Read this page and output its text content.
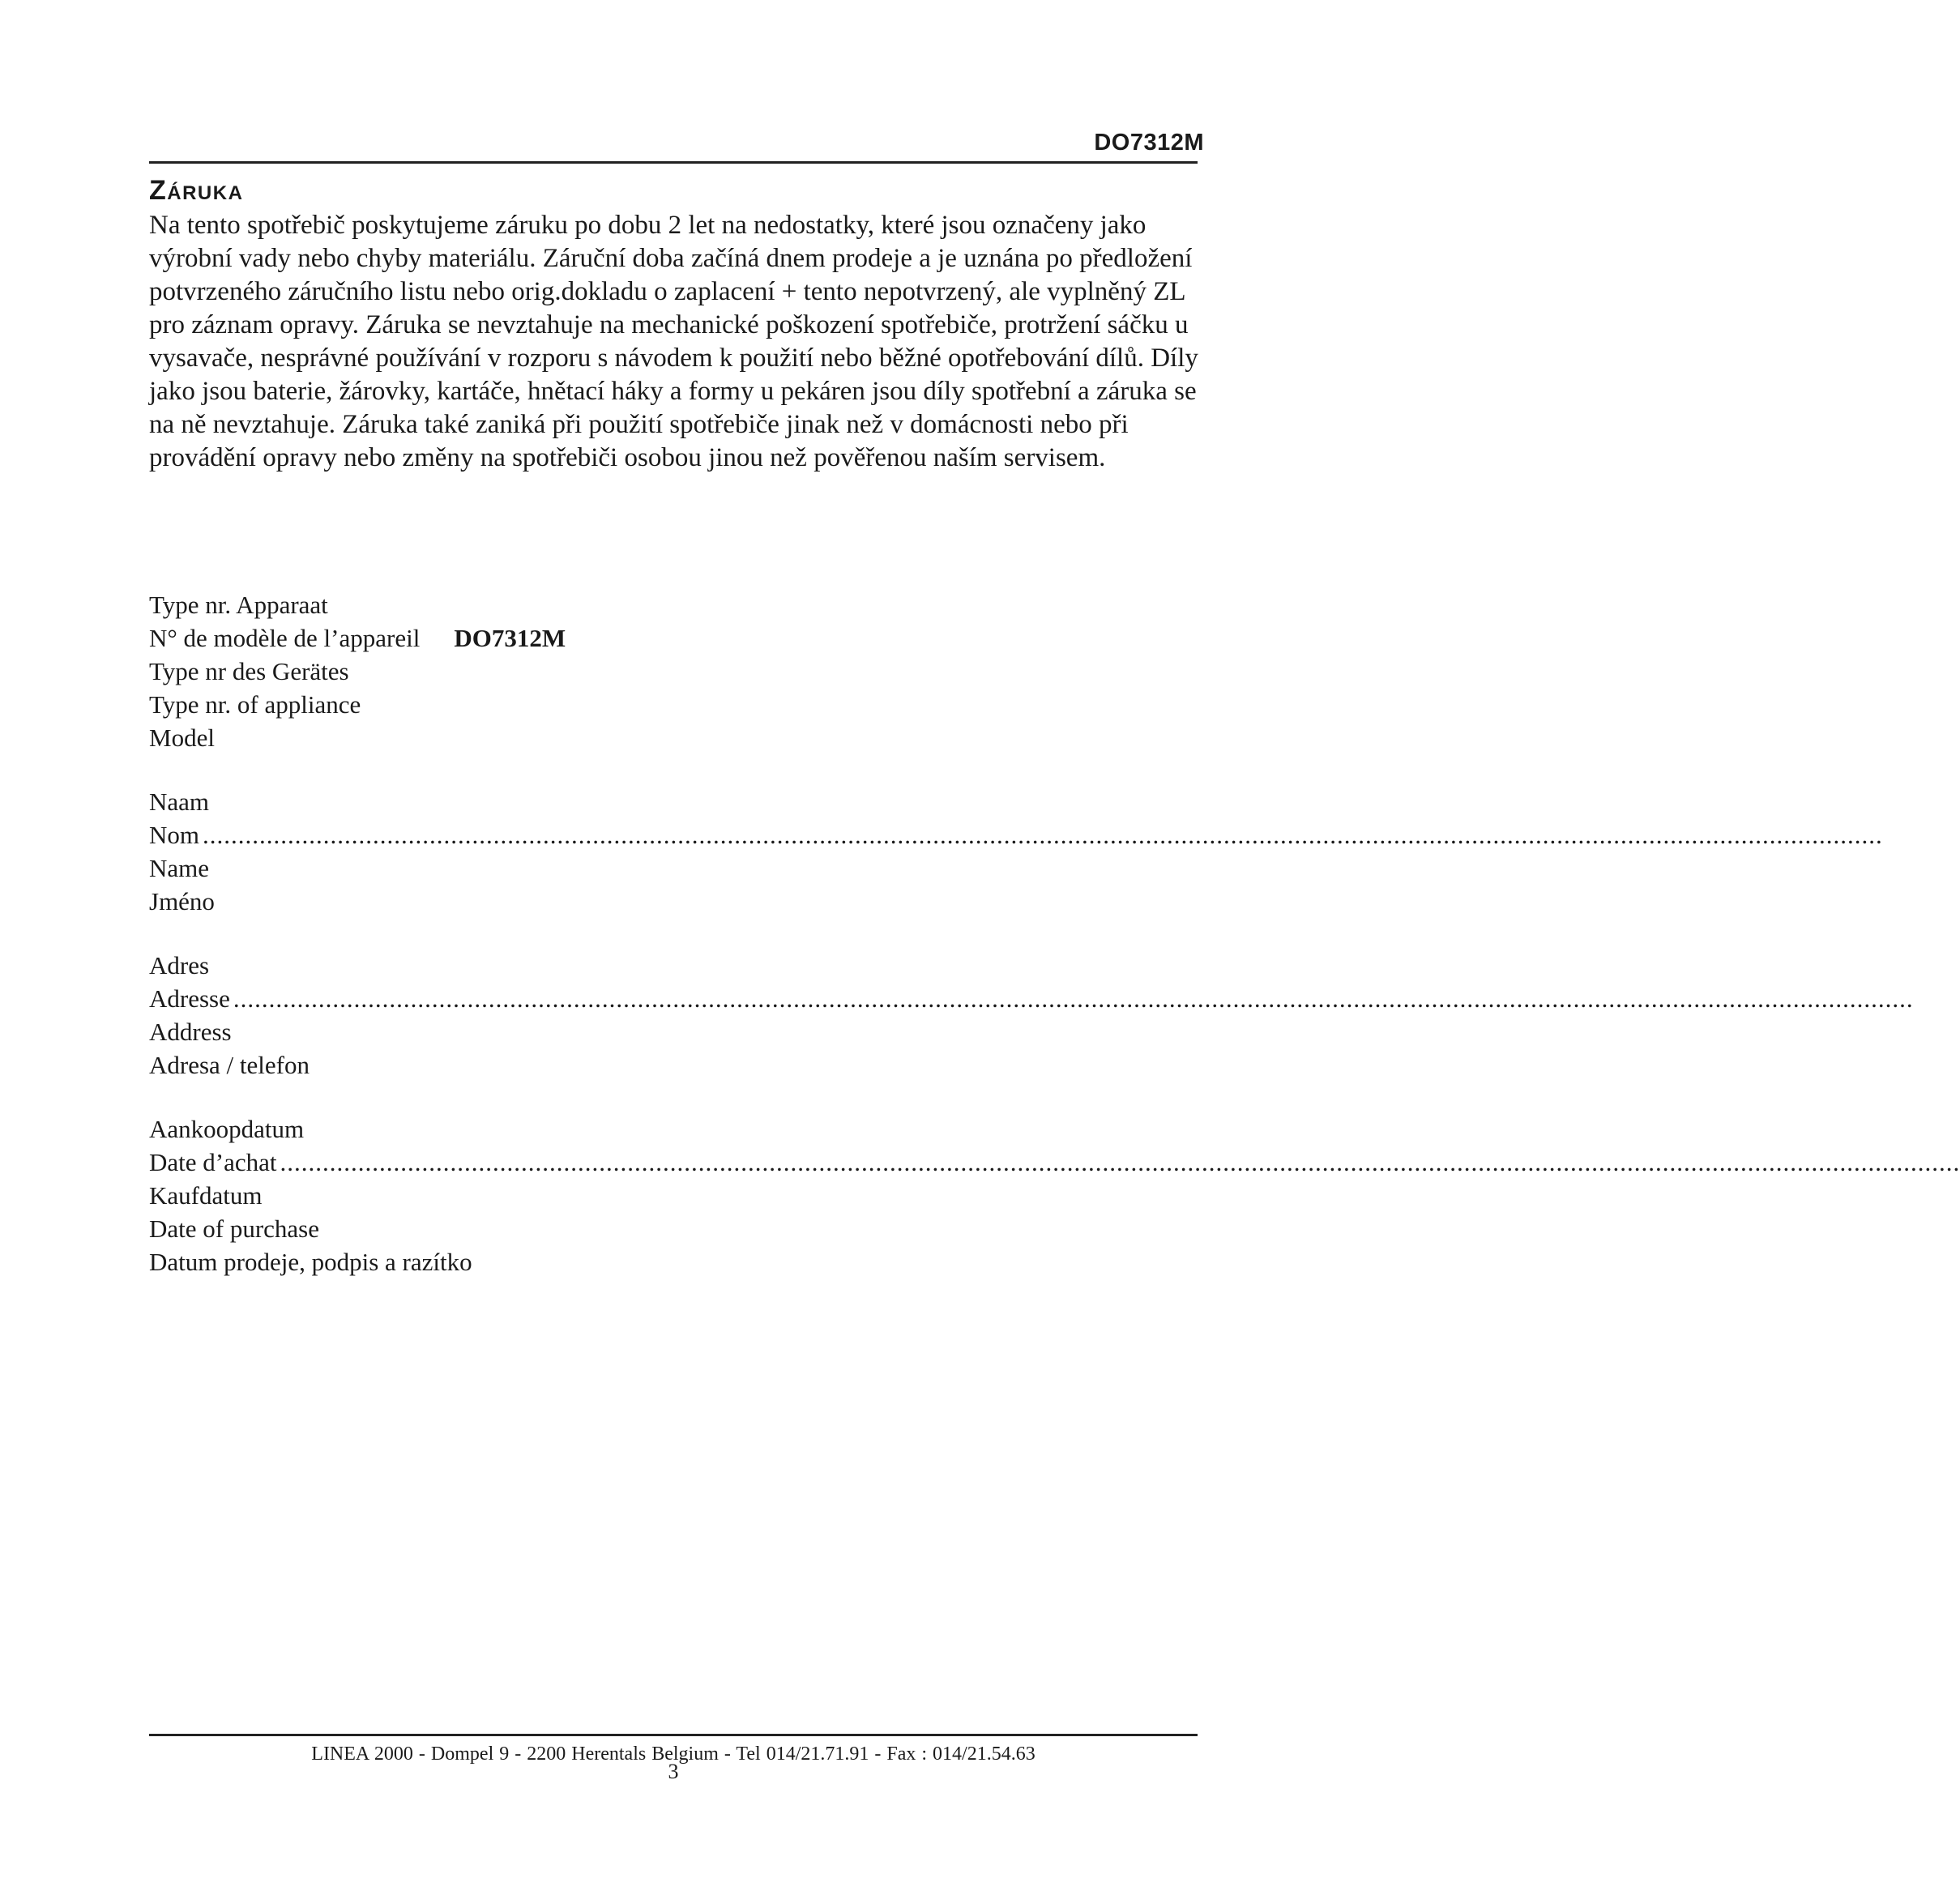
DO7312M
Záruka

Na tento spotřebič poskytujeme záruku po dobu 2 let na nedostatky, které jsou označeny jako výrobní vady nebo chyby materiálu. Záruční doba začíná dnem prodeje a je uznána po předložení potvrzeného záručního listu nebo orig.dokladu o zaplacení + tento nepotvrzený, ale vyplněný ZL pro záznam opravy. Záruka se nevztahuje na mechanické poškození spotřebiče, protržení sáčku u vysavače, nesprávné používání v rozporu s návodem k použití nebo běžné opotřebování dílů. Díly jako jsou baterie, žárovky, kartáče, hnětací háky a formy u pekáren jsou díly spotřební a záruka se na ně nevztahuje. Záruka také zaniká při použití spotřebiče jinak než v domácnosti nebo při provádění opravy nebo změny na spotřebiči osobou jinou než pověřenou naším servisem.

Type nr. Apparaat
N° de modèle de l’appareil DO7312M
Type nr des Gerätes
Type nr. of appliance
Model
Naam
Nom .............................................................................................................................................................................................................................................
Name
Jméno
Adres
Adresse .............................................................................................................................................................................................................................................
Address
Adresa / telefon
Aankoopdatum
Date d’achat .............................................................................................................................................................................................................................................
Kaufdatum
Date of purchase
Datum prodeje, podpis a razítko
LINEA 2000 - Dompel 9 - 2200 Herentals Belgium - Tel 014/21.71.91 - Fax : 014/21.54.63
3
